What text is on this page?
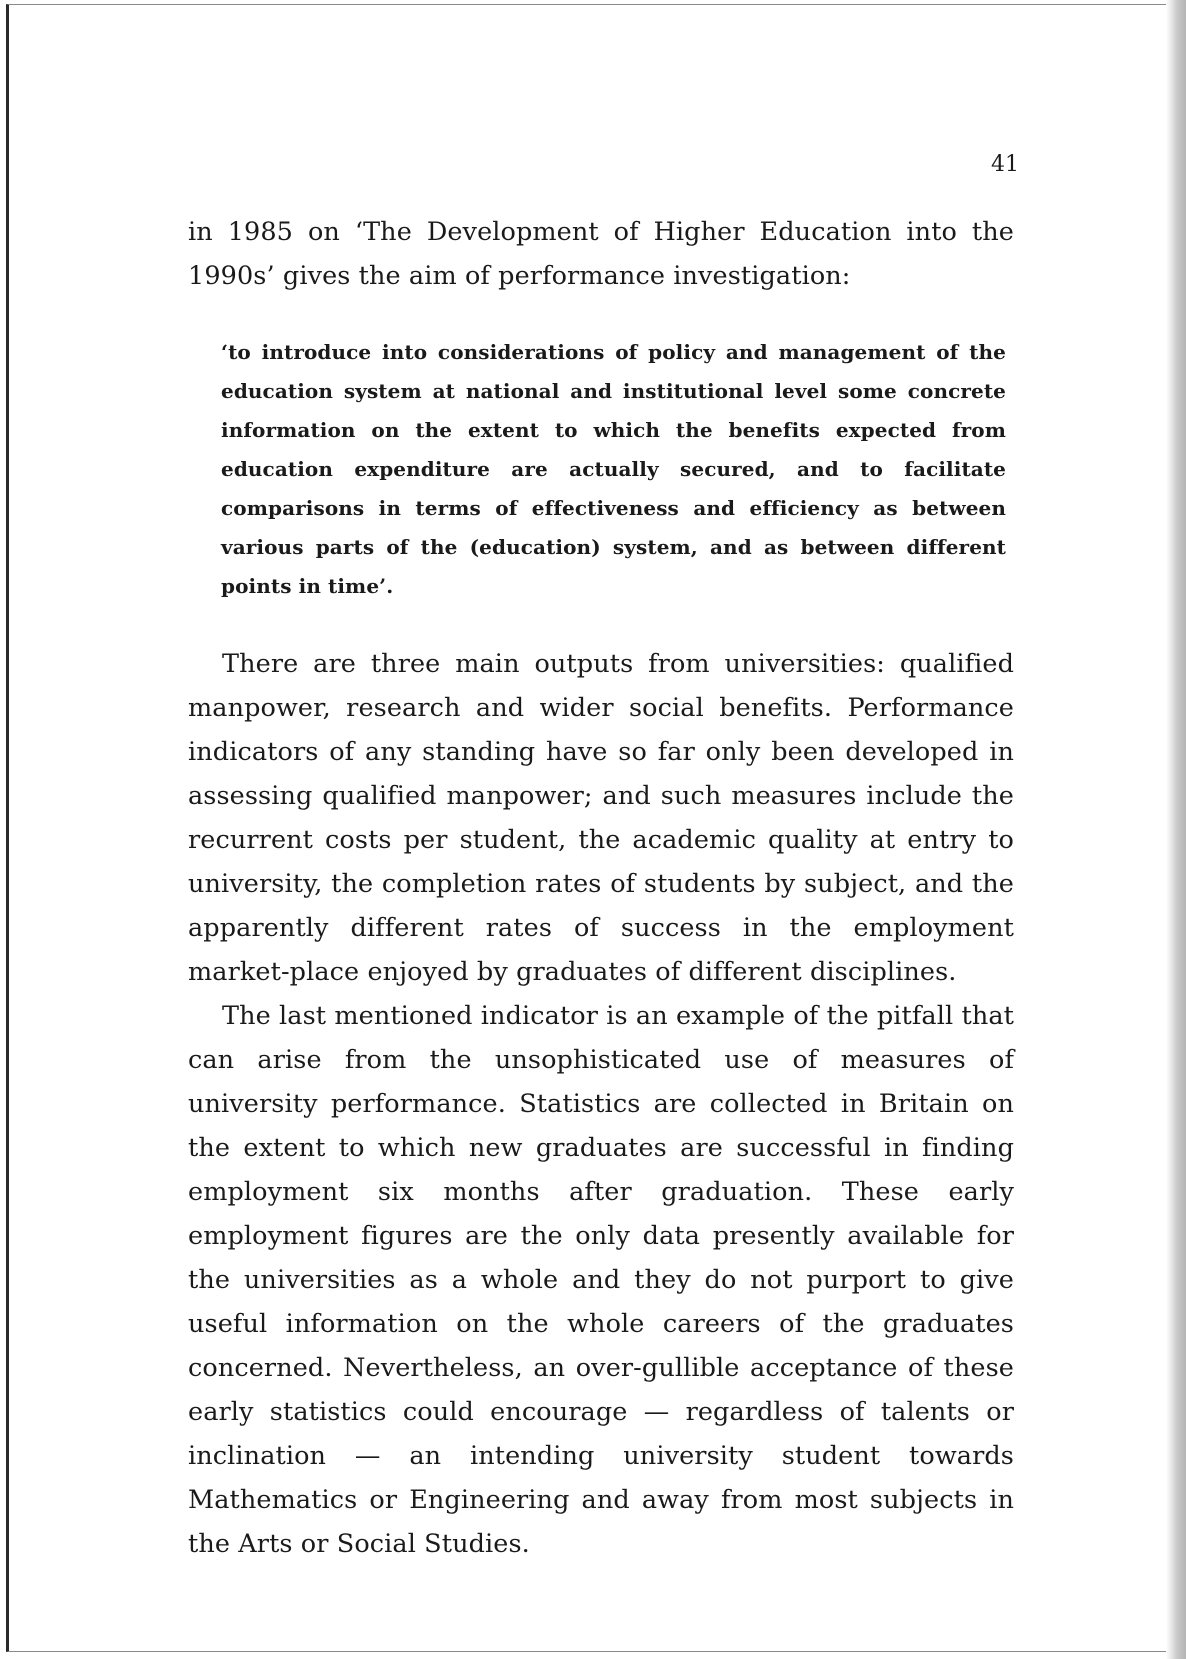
41

in 1985 on ‘The Development of Higher Education into the 1990s’ gives the aim of performance investigation:

‘to introduce into considerations of policy and management of the education system at national and institutional level some concrete information on the extent to which the benefits expected from education expenditure are actually secured, and to facilitate comparisons in terms of effectiveness and efficiency as between various parts of the (education) system, and as between different points in time’.

There are three main outputs from universities: qualified manpower, research and wider social benefits. Performance indicators of any standing have so far only been developed in assessing qualified manpower; and such measures include the recurrent costs per student, the academic quality at entry to university, the completion rates of students by subject, and the apparently different rates of success in the employment market-place enjoyed by graduates of different disciplines.

The last mentioned indicator is an example of the pitfall that can arise from the unsophisticated use of measures of university performance. Statistics are collected in Britain on the extent to which new graduates are successful in finding employment six months after graduation. These early employment figures are the only data presently available for the universities as a whole and they do not purport to give useful information on the whole careers of the graduates concerned. Nevertheless, an over-gullible acceptance of these early statistics could encourage — regardless of talents or inclination — an intending university student towards Mathematics or Engineering and away from most subjects in the Arts or Social Studies.
